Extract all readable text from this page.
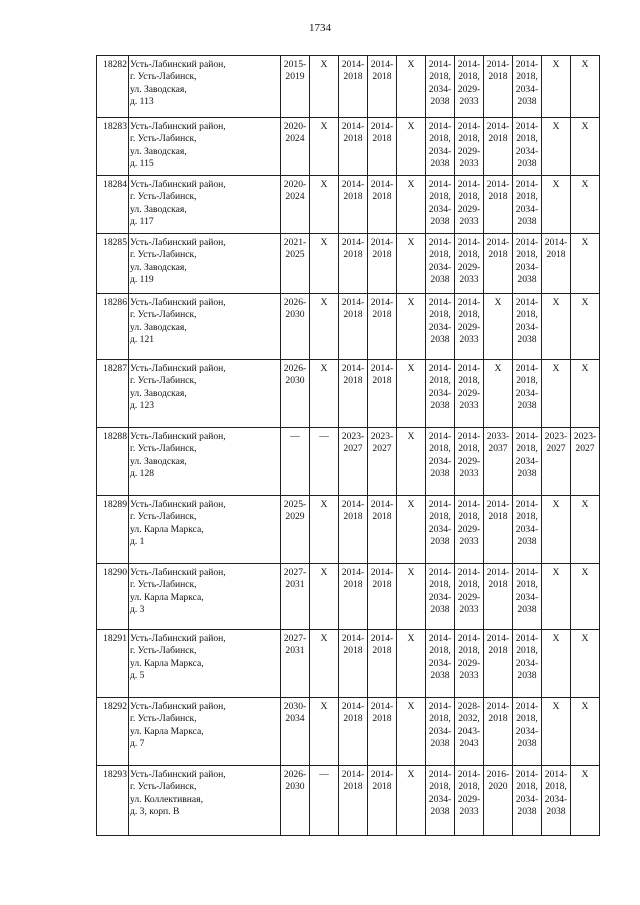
1734
18282	Усть-Лабинский район,
г. Усть-Лабинск,
ул. Заводская,
д. 113	2015-
2019	Х	2014-
2018	2014-
2018	Х	2014-
2018,
2034-
2038	2014-
2018,
2029-
2033	2014-
2018	2014-
2018,
2034-
2038	Х	Х

18283	Усть-Лабинский район,
г. Усть-Лабинск,
ул. Заводская,
д. 115	2020-
2024	Х	2014-
2018	2014-
2018	Х	2014-
2018,
2034-
2038	2014-
2018,
2029-
2033	2014-
2018	2014-
2018,
2034-
2038	Х	Х

18284	Усть-Лабинский район,
г. Усть-Лабинск,
ул. Заводская,
д. 117	2020-
2024	Х	2014-
2018	2014-
2018	Х	2014-
2018,
2034-
2038	2014-
2018,
2029-
2033	2014-
2018	2014-
2018,
2034-
2038	Х	Х

18285	Усть-Лабинский район,
г. Усть-Лабинск,
ул. Заводская,
д. 119	2021-
2025	Х	2014-
2018	2014-
2018	Х	2014-
2018,
2034-
2038	2014-
2018,
2029-
2033	2014-
2018	2014-
2018,
2034-
2038	2014-
2018	Х

18286	Усть-Лабинский район,
г. Усть-Лабинск,
ул. Заводская,
д. 121	2026-
2030	Х	2014-
2018	2014-
2018	Х	2014-
2018,
2034-
2038	2014-
2018,
2029-
2033	Х	2014-
2018,
2034-
2038	Х	Х

18287	Усть-Лабинский район,
г. Усть-Лабинск,
ул. Заводская,
д. 123	2026-
2030	Х	2014-
2018	2014-
2018	Х	2014-
2018,
2034-
2038	2014-
2018,
2029-
2033	Х	2014-
2018,
2034-
2038	Х	Х

18288	Усть-Лабинский район,
г. Усть-Лабинск,
ул. Заводская,
д. 128	—	—	2023-
2027	2023-
2027	Х	2014-
2018,
2034-
2038	2014-
2018,
2029-
2033	2033-
2037	2014-
2018,
2034-
2038	2023-
2027	2023-
2027

18289	Усть-Лабинский район,
г. Усть-Лабинск,
ул. Карла Маркса,
д. 1	2025-
2029	Х	2014-
2018	2014-
2018	Х	2014-
2018,
2034-
2038	2014-
2018,
2029-
2033	2014-
2018	2014-
2018,
2034-
2038	Х	Х

18290	Усть-Лабинский район,
г. Усть-Лабинск,
ул. Карла Маркса,
д. 3	2027-
2031	Х	2014-
2018	2014-
2018	Х	2014-
2018,
2034-
2038	2014-
2018,
2029-
2033	2014-
2018	2014-
2018,
2034-
2038	Х	Х

18291	Усть-Лабинский район,
г. Усть-Лабинск,
ул. Карла Маркса,
д. 5	2027-
2031	Х	2014-
2018	2014-
2018	Х	2014-
2018,
2034-
2038	2014-
2018,
2029-
2033	2014-
2018	2014-
2018,
2034-
2038	Х	Х

18292	Усть-Лабинский район,
г. Усть-Лабинск,
ул. Карла Маркса,
д. 7	2030-
2034	Х	2014-
2018	2014-
2018	Х	2014-
2018,
2034-
2038	2028-
2032,
2043-
2043	2014-
2018	2014-
2018,
2034-
2038	Х	Х

18293	Усть-Лабинский район,
г. Усть-Лабинск,
ул. Коллективная,
д. 3, корп. В	2026-
2030	—	2014-
2018	2014-
2018	Х	2014-
2018,
2034-
2038	2014-
2018,
2029-
2033	2016-
2020	2014-
2018,
2034-
2038	2014-
2018,
2034-
2038	Х
